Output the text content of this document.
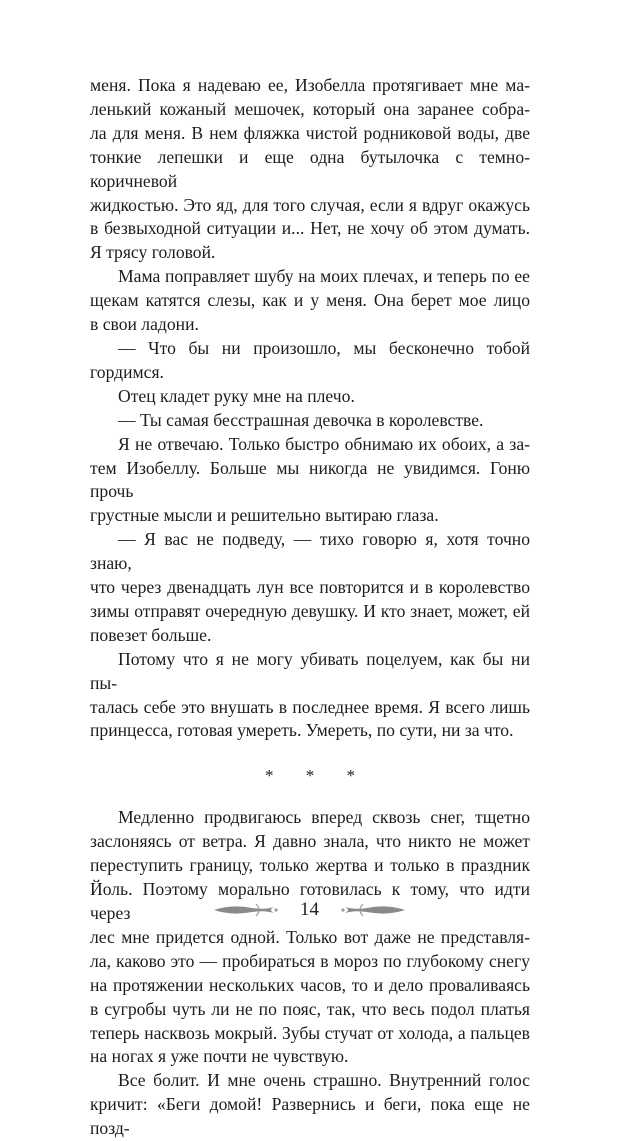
меня. Пока я надеваю ее, Изобелла протягивает мне ма-
ленький кожаный мешочек, который она заранее собра-
ла для меня. В нем фляжка чистой родниковой воды, две
тонкие лепешки и еще одна бутылочка с темно-коричневой
жидкостью. Это яд, для того случая, если я вдруг окажусь
в безвыходной ситуации и... Нет, не хочу об этом думать.
Я трясу головой.

Мама поправляет шубу на моих плечах, и теперь по ее
щекам катятся слезы, как и у меня. Она берет мое лицо
в свои ладони.

— Что бы ни произошло, мы бесконечно тобой гордимся.

Отец кладет руку мне на плечо.

— Ты самая бесстрашная девочка в королевстве.

Я не отвечаю. Только быстро обнимаю их обоих, а за-
тем Изобеллу. Больше мы никогда не увидимся. Гоню прочь
грустные мысли и решительно вытираю глаза.

— Я вас не подведу, — тихо говорю я, хотя точно знаю,
что через двенадцать лун все повторится и в королевство
зимы отправят очередную девушку. И кто знает, может, ей
повезет больше.

Потому что я не могу убивать поцелуем, как бы ни пы-
талась себе это внушать в последнее время. Я всего лишь
принцесса, готовая умереть. Умереть, по сути, ни за что.

* * *

Медленно продвигаюсь вперед сквозь снег, тщетно
заслоняясь от ветра. Я давно знала, что никто не может
переступить границу, только жертва и только в праздник
Йоль. Поэтому морально готовилась к тому, что идти через
лес мне придется одной. Только вот даже не представля-
ла, каково это — пробираться в мороз по глубокому снегу
на протяжении нескольких часов, то и дело проваливаясь
в сугробы чуть ли не по пояс, так, что весь подол платья
теперь насквозь мокрый. Зубы стучат от холода, а пальцев
на ногах я уже почти не чувствую.

Все болит. И мне очень страшно. Внутренний голос
кричит: «Беги домой! Развернись и беги, пока еще не позд-

14
